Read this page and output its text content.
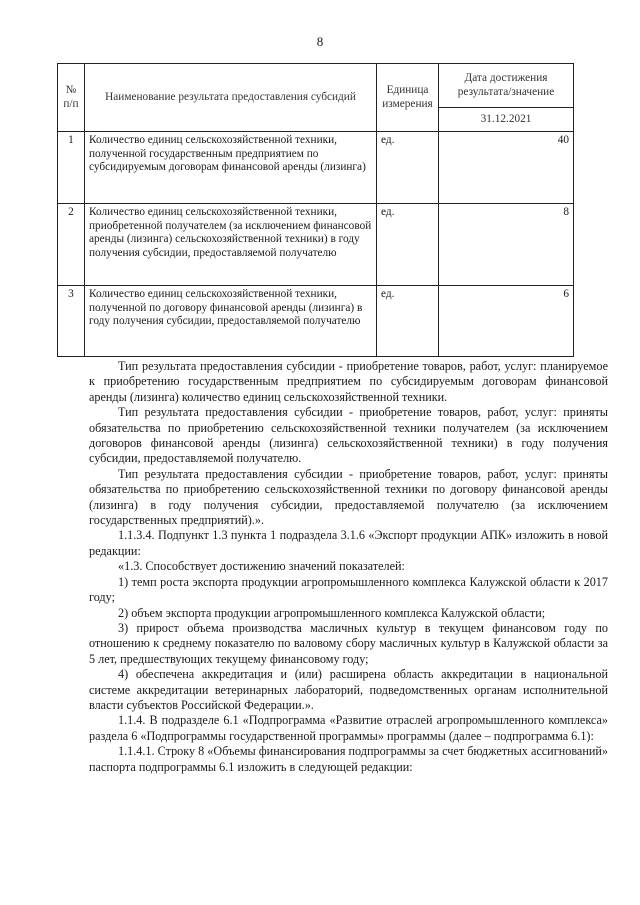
8
№ п/п	Наименование результата предоставления субсидий	Единица измерения	Дата достижения результата/значение
			31.12.2021
1	Количество единиц сельскохозяйственной техники, полученной государственным предприятием по субсидируемым договорам финансовой аренды (лизинга)	ед.	40
2	Количество единиц сельскохозяйственной техники, приобретенной получателем (за исключением финансовой аренды (лизинга) сельскохозяйственной техники) в году получения субсидии, предоставляемой получателю	ед.	8
3	Количество единиц сельскохозяйственной техники, полученной по договору финансовой аренды (лизинга) в году получения субсидии, предоставляемой получателю	ед.	6

Тип результата предоставления субсидии - приобретение товаров, работ, услуг: планируемое к приобретению государственным предприятием по субсидируемым договорам финансовой аренды (лизинга) количество единиц сельскохозяйственной техники.

Тип результата предоставления субсидии - приобретение товаров, работ, услуг: приняты обязательства по приобретению сельскохозяйственной техники получателем (за исключением договоров финансовой аренды (лизинга) сельскохозяйственной техники) в году получения субсидии, предоставляемой получателю.

Тип результата предоставления субсидии - приобретение товаров, работ, услуг: приняты обязательства по приобретению сельскохозяйственной техники по договору финансовой аренды (лизинга) в году получения субсидии, предоставляемой получателю (за исключением государственных предприятий).».

1.1.3.4. Подпункт 1.3 пункта 1 подраздела 3.1.6 «Экспорт продукции АПК» изложить в новой редакции:

«1.3. Способствует достижению значений показателей:

1) темп роста экспорта продукции агропромышленного комплекса Калужской области к 2017 году;

2) объем экспорта продукции агропромышленного комплекса Калужской области;

3) прирост объема производства масличных культур в текущем финансовом году по отношению к среднему показателю по валовому сбору масличных культур в Калужской области за 5 лет, предшествующих текущему финансовому году;

4) обеспечена аккредитация и (или) расширена область аккредитации в национальной системе аккредитации ветеринарных лабораторий, подведомственных органам исполнительной власти субъектов Российской Федерации.».

1.1.4. В подразделе 6.1 «Подпрограмма «Развитие отраслей агропромышленного комплекса» раздела 6 «Подпрограммы государственной программы» программы (далее – подпрограмма 6.1):

1.1.4.1. Строку 8 «Объемы финансирования подпрограммы за счет бюджетных ассигнований» паспорта подпрограммы 6.1 изложить в следующей редакции:
